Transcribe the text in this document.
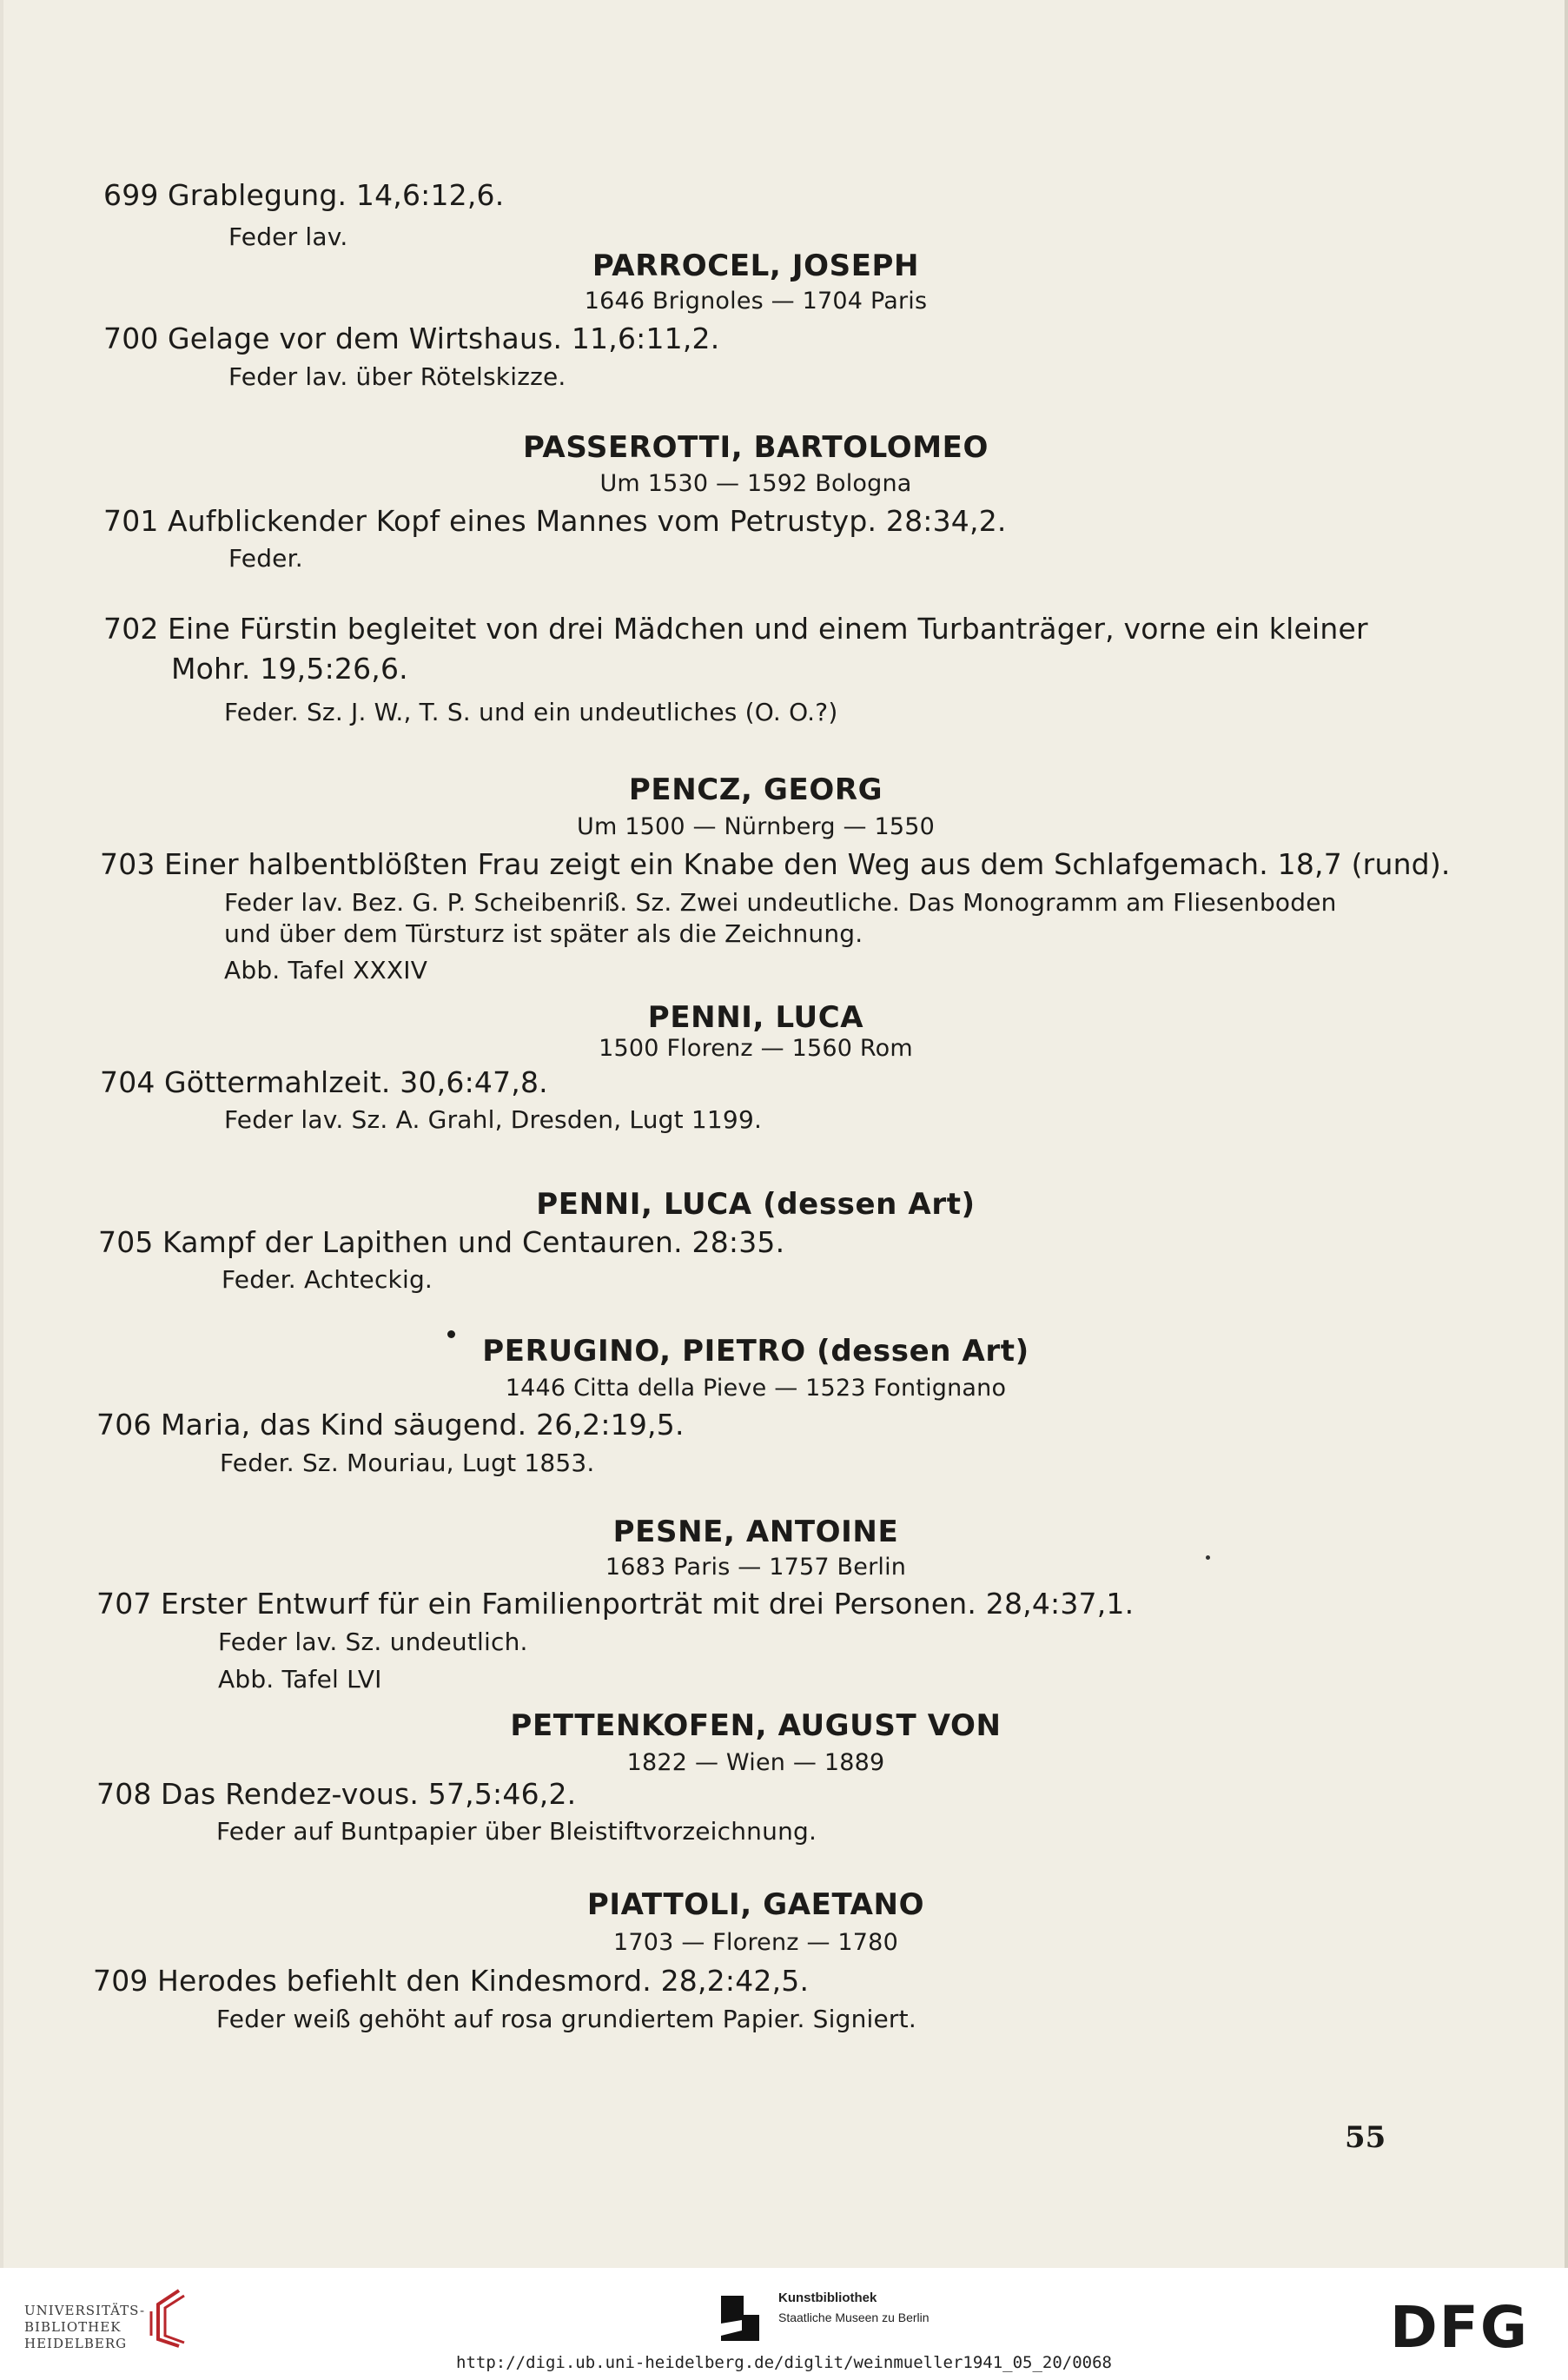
699 Grablegung. 14,6:12,6.
Feder lav.
PARROCEL, JOSEPH
1646 Brignoles — 1704 Paris
700 Gelage vor dem Wirtshaus. 11,6:11,2.
Feder lav. über Rötelskizze.
PASSEROTTI, BARTOLOMEO
Um 1530 — 1592 Bologna
701 Aufblickender Kopf eines Mannes vom Petrustyp. 28:34,2.
Feder.
702 Eine Fürstin begleitet von drei Mädchen und einem Turbanträger, vorne ein kleiner
Mohr. 19,5:26,6.
Feder. Sz. J. W., T. S. und ein undeutliches (O. O.?)
PENCZ, GEORG
Um 1500 — Nürnberg — 1550
703 Einer halbentblößten Frau zeigt ein Knabe den Weg aus dem Schlafgemach. 18,7 (rund).
Feder lav. Bez. G. P. Scheibenriß. Sz. Zwei undeutliche. Das Monogramm am Fliesenboden
und über dem Türsturz ist später als die Zeichnung.
Abb. Tafel XXXIV
PENNI, LUCA
1500 Florenz — 1560 Rom
704 Göttermahlzeit. 30,6:47,8.
Feder lav. Sz. A. Grahl, Dresden, Lugt 1199.
PENNI, LUCA (dessen Art)
705 Kampf der Lapithen und Centauren. 28:35.
Feder. Achteckig.
PERUGINO, PIETRO (dessen Art)
1446 Citta della Pieve — 1523 Fontignano
706 Maria, das Kind säugend. 26,2:19,5.
Feder. Sz. Mouriau, Lugt 1853.
PESNE, ANTOINE
1683 Paris — 1757 Berlin
707 Erster Entwurf für ein Familienporträt mit drei Personen. 28,4:37,1.
Feder lav. Sz. undeutlich.
Abb. Tafel LVI
PETTENKOFEN, AUGUST VON
1822 — Wien — 1889
708 Das Rendez-vous. 57,5:46,2.
Feder auf Buntpapier über Bleistiftvorzeichnung.
PIATTOLI, GAETANO
1703 — Florenz — 1780
709 Herodes befiehlt den Kindesmord. 28,2:42,5.
Feder weiß gehöht auf rosa grundiertem Papier. Signiert.
55
UNIVERSITÄTS-
BIBLIOTHEK
HEIDELBERG
Kunstbibliothek
Staatliche Museen zu Berlin	DFG
http://digi.ub.uni-heidelberg.de/diglit/weinmueller1941_05_20/0068
